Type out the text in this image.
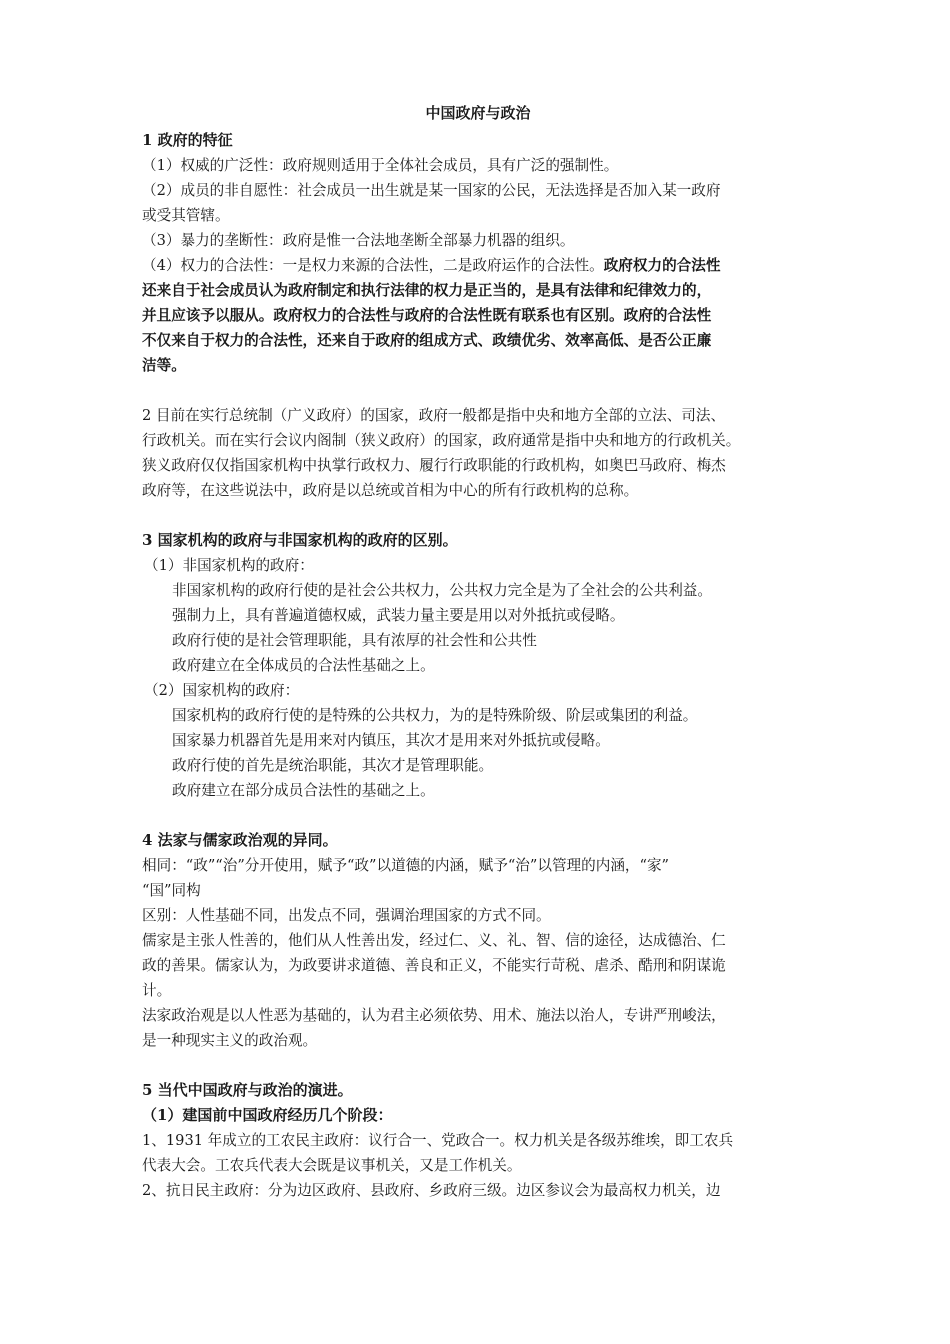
中国政府与政治

1 政府的特征

（1）权威的广泛性：政府规则适用于全体社会成员，具有广泛的强制性。

（2）成员的非自愿性：社会成员一出生就是某一国家的公民，无法选择是否加入某一政府

或受其管辖。

（3）暴力的垄断性：政府是惟一合法地垄断全部暴力机器的组织。

（4）权力的合法性：一是权力来源的合法性，二是政府运作的合法性。政府权力的合法性

还来自于社会成员认为政府制定和执行法律的权力是正当的，是具有法律和纪律效力的，

并且应该予以服从。政府权力的合法性与政府的合法性既有联系也有区别。政府的合法性

不仅来自于权力的合法性，还来自于政府的组成方式、政绩优劣、效率高低、是否公正廉

洁等。

2 目前在实行总统制（广义政府）的国家，政府一般都是指中央和地方全部的立法、司法、

行政机关。而在实行会议内阁制（狭义政府）的国家，政府通常是指中央和地方的行政机关。

狭义政府仅仅指国家机构中执掌行政权力、履行行政职能的行政机构，如奥巴马政府、梅杰

政府等，在这些说法中，政府是以总统或首相为中心的所有行政机构的总称。

3 国家机构的政府与非国家机构的政府的区别。

（1）非国家机构的政府：

非国家机构的政府行使的是社会公共权力，公共权力完全是为了全社会的公共利益。

强制力上，具有普遍道德权威，武装力量主要是用以对外抵抗或侵略。

政府行使的是社会管理职能，具有浓厚的社会性和公共性

政府建立在全体成员的合法性基础之上。

（2）国家机构的政府：

国家机构的政府行使的是特殊的公共权力，为的是特殊阶级、阶层或集团的利益。

国家暴力机器首先是用来对内镇压，其次才是用来对外抵抗或侵略。

政府行使的首先是统治职能，其次才是管理职能。

政府建立在部分成员合法性的基础之上。

4 法家与儒家政治观的异同。

相同：“政”“治”分开使用，赋予“政”以道德的内涵，赋予“治”以管理的内涵，“家”

“国”同构

区别：人性基础不同，出发点不同，强调治理国家的方式不同。

儒家是主张人性善的，他们从人性善出发，经过仁、义、礼、智、信的途径，达成德治、仁

政的善果。儒家认为，为政要讲求道德、善良和正义，不能实行苛税、虐杀、酷刑和阴谋诡

计。

法家政治观是以人性恶为基础的，认为君主必须依势、用术、施法以治人，专讲严刑峻法，

是一种现实主义的政治观。

5 当代中国政府与政治的演进。

（1）建国前中国政府经历几个阶段：

1、1931 年成立的工农民主政府：议行合一、党政合一。权力机关是各级苏维埃，即工农兵

代表大会。工农兵代表大会既是议事机关，又是工作机关。

2、抗日民主政府：分为边区政府、县政府、乡政府三级。边区参议会为最高权力机关，边
